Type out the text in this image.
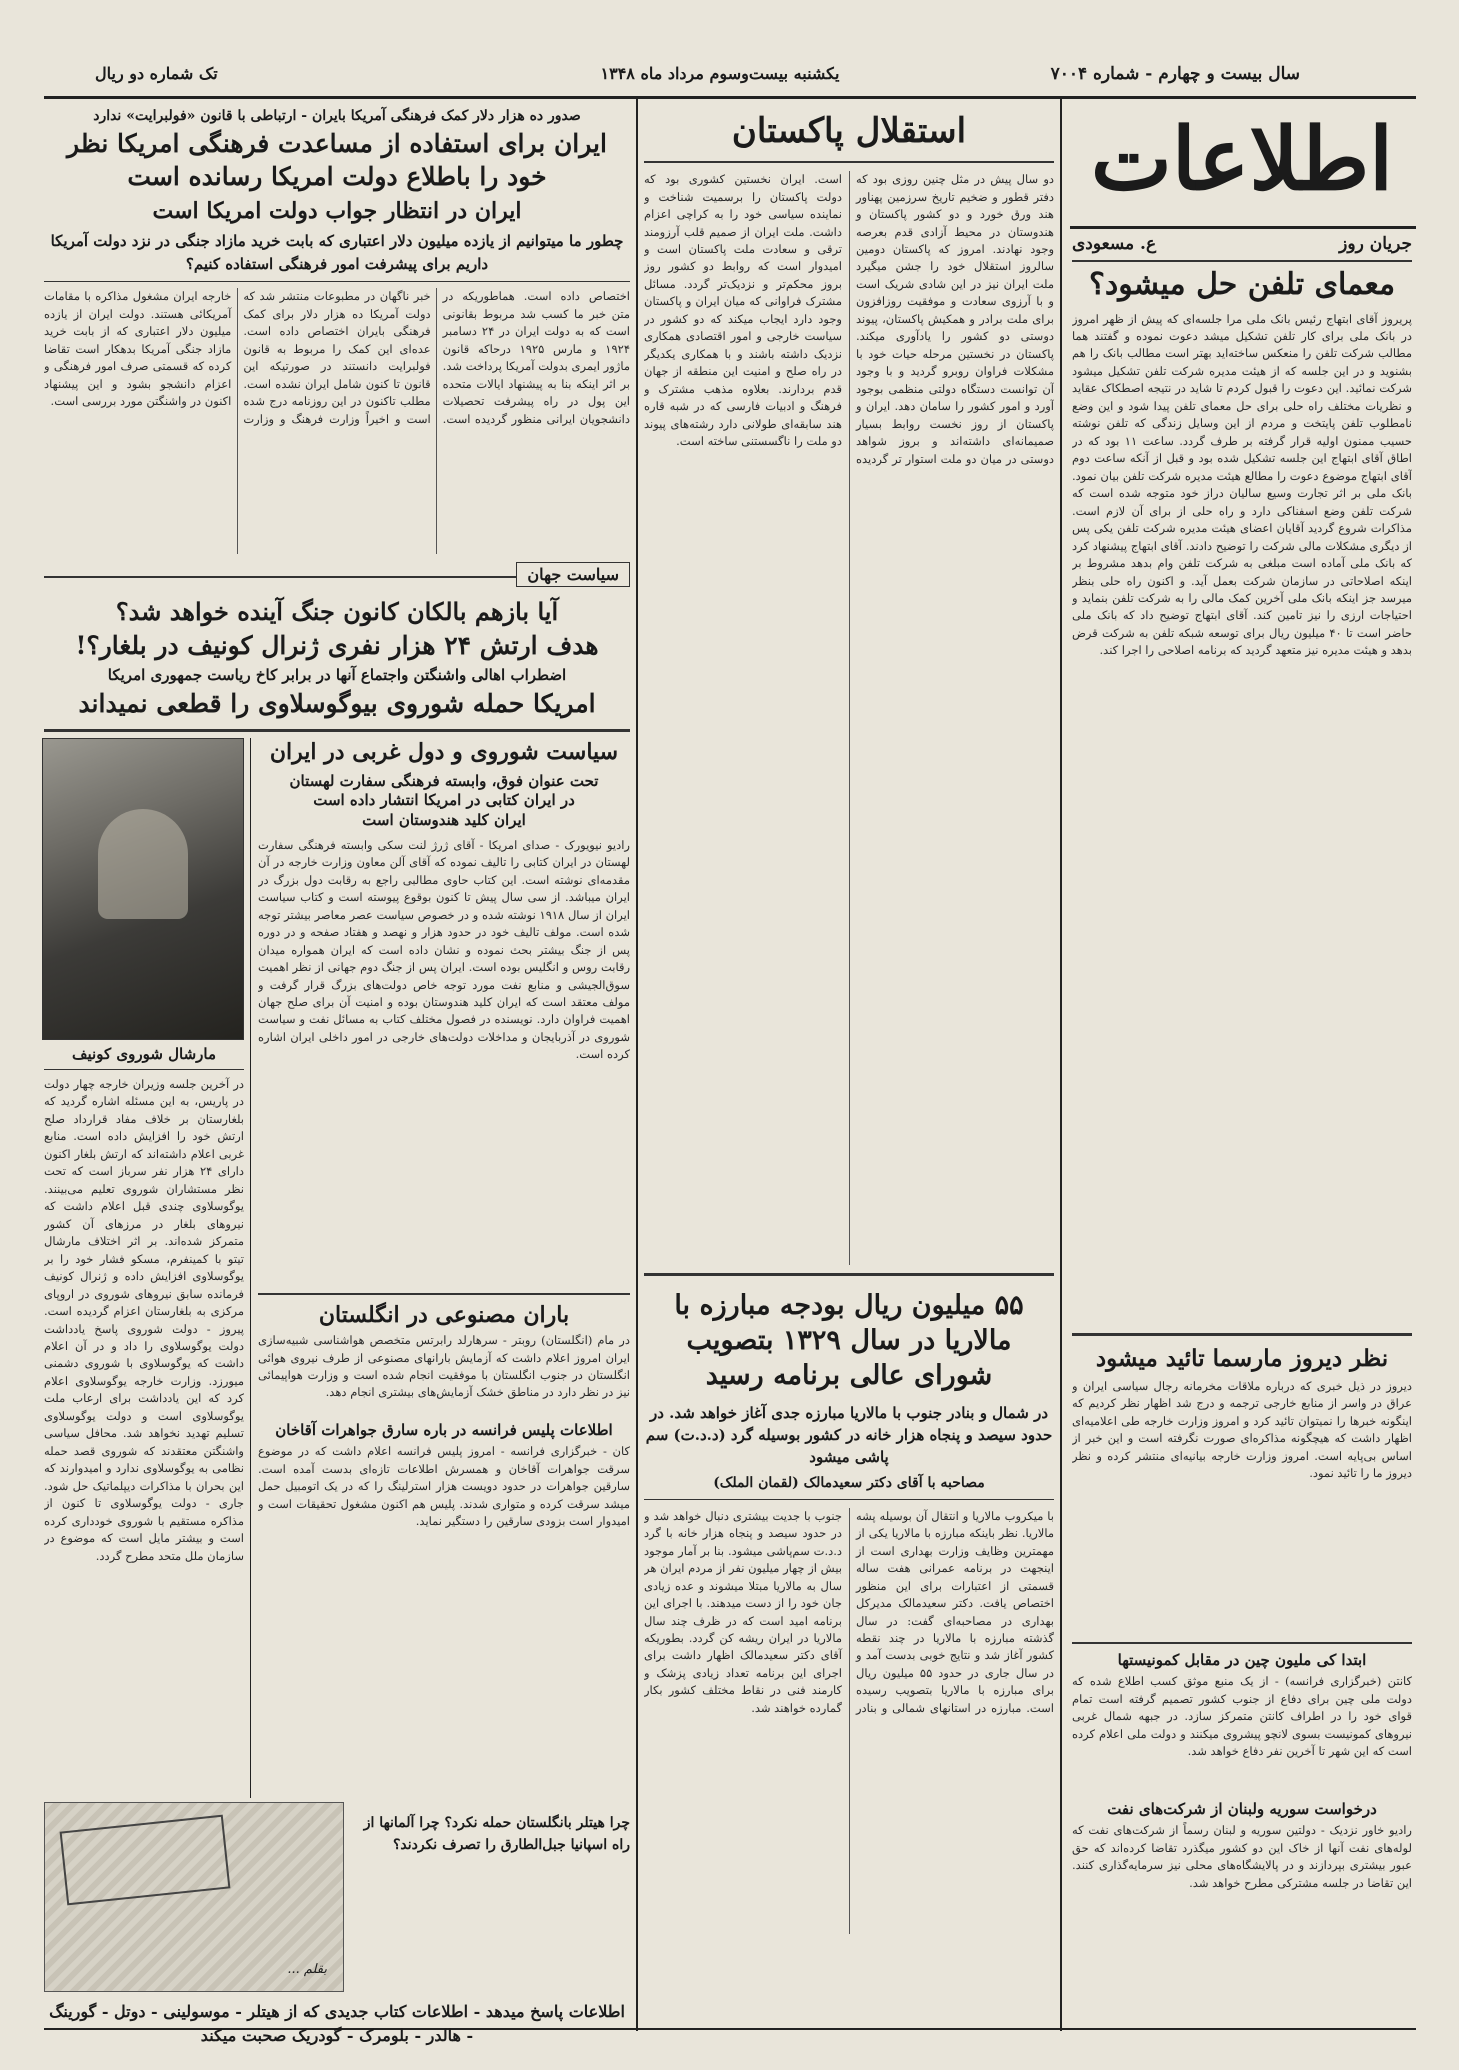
سال بیست و چهارم - شماره ۷۰۰۴
یکشنبه بیست‌وسوم مرداد ماه ۱۳۴۸
تک شماره دو ریال
اطلاعات
جریان روز
ع. مسعودی
معمای تلفن حل میشود؟
پریروز آقای ابتهاج رئیس بانک ملی مرا جلسه‌ای که پیش از ظهر امروز در بانک ملی برای کار تلفن تشکیل میشد دعوت نموده و گفتند هما مطالب شرکت تلفن را منعکس ساخته‌اید بهتر است مطالب بانک را هم بشنوید و در این جلسه که از هیئت مدیره شرکت تلفن تشکیل میشود شرکت نمائید. این دعوت را قبول کردم تا شاید در نتیجه اصطکاک عقاید و نظریات مختلف راه حلی برای حل معمای تلفن پیدا شود و این وضع نامطلوب تلفن پایتخت و مردم از این وسایل زندگی که تلفن نوشته حسیب ممنون اولیه قرار گرفته بر طرف گردد. ساعت ۱۱ بود که در اطاق آقای ابتهاج این جلسه تشکیل شده بود و قبل از آنکه ساعت دوم آقای ابتهاج موضوع دعوت را مطالع هیئت مدیره شرکت تلفن بیان نمود. بانک ملی بر اثر تجارت وسیع سالیان دراز خود متوجه شده است که شرکت تلفن وضع اسفناکی دارد و راه حلی از برای آن لازم است. مذاکرات شروع گردید آقایان اعضای هیئت مدیره شرکت تلفن یکی پس از دیگری مشکلات مالی شرکت را توضیح دادند. آقای ابتهاج پیشنهاد کرد که بانک ملی آماده است مبلغی به شرکت تلفن وام بدهد مشروط بر اینکه اصلاحاتی در سازمان شرکت بعمل آید. و اکنون راه حلی بنظر میرسد جز اینکه بانک ملی آخرین کمک مالی را به شرکت تلفن بنماید و احتیاجات ارزی را نیز تامین کند. آقای ابتهاج توضیح داد که بانک ملی حاضر است تا ۴۰ میلیون ریال برای توسعه شبکه تلفن به شرکت قرض بدهد و هیئت مدیره نیز متعهد گردید که برنامه اصلاحی را اجرا کند.
نظر دیروز مارسما تائید میشود
دیروز در ذیل خبری که درباره ملاقات مخرمانه رجال سیاسی ایران و عراق در واسر از منابع خارجی ترجمه و درج شد اظهار نظر کردیم که اینگونه خبرها را نمیتوان تائید کرد و امروز وزارت خارجه طی اعلامیه‌ای اظهار داشت که هیچگونه مذاکره‌ای صورت نگرفته است و این خبر از اساس بی‌پایه است. امروز وزارت خارجه بیانیه‌ای منتشر کرده و نظر دیروز ما را تائید نمود.
ابتدا کی ملیون چین در مقابل کمونیستها
کانتن (خبرگزاری فرانسه) - از یک منبع موثق کسب اطلاع شده که دولت ملی چین برای دفاع از جنوب کشور تصمیم گرفته است تمام قوای خود را در اطراف کانتن متمرکز سازد. در جبهه شمال غربی نیروهای کمونیست بسوی لانچو پیشروی میکنند و دولت ملی اعلام کرده است که این شهر تا آخرین نفر دفاع خواهد شد.
درخواست سوریه ولبنان از شرکت‌های نفت
رادیو خاور نزدیک - دولتین سوریه و لبنان رسماً از شرکت‌های نفت که لوله‌های نفت آنها از خاک این دو کشور میگذرد تقاضا کرده‌اند که حق عبور بیشتری بپردازند و در پالایشگاه‌های محلی نیز سرمایه‌گذاری کنند. این تقاضا در جلسه مشترکی مطرح خواهد شد.
استقلال پاکستان
دو سال پیش در مثل چنین روزی بود که دفتر قطور و ضخیم تاریخ سرزمین پهناور هند ورق خورد و دو کشور پاکستان و هندوستان در محیط آزادی قدم بعرصه وجود نهادند. امروز که پاکستان دومین سالروز استقلال خود را جشن میگیرد ملت ایران نیز در این شادی شریک است و با آرزوی سعادت و موفقیت روزافزون برای ملت برادر و همکیش پاکستان، پیوند دوستی دو کشور را یادآوری میکند. پاکستان در نخستین مرحله حیات خود با مشکلات فراوان روبرو گردید و با وجود آن توانست دستگاه دولتی منظمی بوجود آورد و امور کشور را سامان دهد. ایران و پاکستان از روز نخست روابط بسیار صمیمانه‌ای داشته‌اند و بروز شواهد دوستی در میان دو ملت استوار تر گردیده است. ایران نخستین کشوری بود که دولت پاکستان را برسمیت شناخت و نماینده سیاسی خود را به کراچی اعزام داشت. ملت ایران از صمیم قلب آرزومند ترقی و سعادت ملت پاکستان است و امیدوار است که روابط دو کشور روز بروز محکم‌تر و نزدیک‌تر گردد. مسائل مشترک فراوانی که میان ایران و پاکستان وجود دارد ایجاب میکند که دو کشور در سیاست خارجی و امور اقتصادی همکاری نزدیک داشته باشند و با همکاری یکدیگر در راه صلح و امنیت این منطقه از جهان قدم بردارند. بعلاوه مذهب مشترک و فرهنگ و ادبیات فارسی که در شبه قاره هند سابقه‌ای طولانی دارد رشته‌های پیوند دو ملت را ناگسستنی ساخته است.
۵۵ میلیون ریال بودجه مبارزه با مالاریا در سال ۱۳۲۹ بتصویب شورای عالی برنامه رسید
در شمال و بنادر جنوب با مالاریا مبارزه جدی آغاز خواهد شد. در حدود سیصد و پنجاه هزار خانه در کشور بوسیله گرد (د.د.ت) سم پاشی میشود
مصاحبه با آقای دکتر سعیدمالک (لقمان الملک)
با میکروب مالاریا و انتقال آن بوسیله پشه مالاریا. نظر باینکه مبارزه با مالاریا یکی از مهمترین وظایف وزارت بهداری است از اینجهت در برنامه عمرانی هفت ساله قسمتی از اعتبارات برای این منظور اختصاص یافت. دکتر سعیدمالک مدیرکل بهداری در مصاحبه‌ای گفت: در سال گذشته مبارزه با مالاریا در چند نقطه کشور آغاز شد و نتایج خوبی بدست آمد و در سال جاری در حدود ۵۵ میلیون ریال برای مبارزه با مالاریا بتصویب رسیده است. مبارزه در استانهای شمالی و بنادر جنوب با جدیت بیشتری دنبال خواهد شد و در حدود سیصد و پنجاه هزار خانه با گرد د.د.ت سم‌پاشی میشود. بنا بر آمار موجود بیش از چهار میلیون نفر از مردم ایران هر سال به مالاریا مبتلا میشوند و عده زیادی جان خود را از دست میدهند. با اجرای این برنامه امید است که در ظرف چند سال مالاریا در ایران ریشه کن گردد. بطوریکه آقای دکتر سعیدمالک اظهار داشت برای اجرای این برنامه تعداد زیادی پزشک و کارمند فنی در نقاط مختلف کشور بکار گمارده خواهند شد.
صدور ده هزار دلار کمک فرهنگی آمریکا بایران - ارتباطی با قانون «فولبرایت» ندارد
ایران برای استفاده از مساعدت فرهنگی امریکا نظر خود را باطلاع دولت امریکا رسانده است
ایران در انتظار جواب دولت امریکا است
چطور ما میتوانیم از یازده میلیون دلار اعتباری که بابت خرید مازاد جنگی در نزد دولت آمریکا داریم برای پیشرفت امور فرهنگی استفاده کنیم؟
اختصاص داده است. هماطوریکه در متن خبر ما کسب شد مربوط بقانونی است که به دولت ایران در ۲۴ دسامبر ۱۹۲۴ و مارس ۱۹۲۵ درحاکه قانون ماژور ایمری بدولت آمریکا پرداخت شد. بر اثر اینکه بنا به پیشنهاد ایالات متحده این پول در راه پیشرفت تحصیلات دانشجویان ایرانی منظور گردیده است. خبر ناگهان در مطبوعات منتشر شد که دولت آمریکا ده هزار دلار برای کمک فرهنگی بایران اختصاص داده است. عده‌ای این کمک را مربوط به قانون فولبرایت دانستند در صورتیکه این قانون تا کنون شامل ایران نشده است. مطلب تاکنون در این روزنامه درج شده است و اخیراً وزارت فرهنگ و وزارت خارجه ایران مشغول مذاکره با مقامات آمریکائی هستند. دولت ایران از یازده میلیون دلار اعتباری که از بابت خرید مازاد جنگی آمریکا بدهکار است تقاضا کرده که قسمتی صرف امور فرهنگی و اعزام دانشجو بشود و این پیشنهاد اکنون در واشنگتن مورد بررسی است.
سیاست جهان
آیا بازهم بالکان کانون جنگ آینده خواهد شد؟
هدف ارتش ۲۴ هزار نفری ژنرال کونیف در بلغار؟!
اضطراب اهالی واشنگتن واجتماع آنها در برابر کاخ ریاست جمهوری امریکا
امریکا حمله شوروی بیوگوسلاوی را قطعی نمیداند
سیاست شوروی و دول غربی در ایران
تحت عنوان فوق، وابسته فرهنگی سفارت لهستان
در ایران کتابی در امریکا انتشار داده است
ایران کلید هندوستان است
رادیو نیویورک - صدای امریکا - آقای ژرژ لنت سکی وابسته فرهنگی سفارت لهستان در ایران کتابی را تالیف نموده که آقای آلن معاون وزارت خارجه در آن مقدمه‌ای نوشته است. این کتاب حاوی مطالبی راجع به رقابت دول بزرگ در ایران میباشد. از سی سال پیش تا کنون بوقوع پیوسته است و کتاب سیاست ایران از سال ۱۹۱۸ نوشته شده و در خصوص سیاست عصر معاصر بیشتر توجه شده است. مولف تالیف خود در حدود هزار و نهصد و هفتاد صفحه و در دوره پس از جنگ بیشتر بحث نموده و نشان داده است که ایران همواره میدان رقابت روس و انگلیس بوده است. ایران پس از جنگ دوم جهانی از نظر اهمیت سوق‌الجیشی و منابع نفت مورد توجه خاص دولت‌های بزرگ قرار گرفت و مولف معتقد است که ایران کلید هندوستان بوده و امنیت آن برای صلح جهان اهمیت فراوان دارد. نویسنده در فصول مختلف کتاب به مسائل نفت و سیاست شوروی در آذربایجان و مداخلات دولت‌های خارجی در امور داخلی ایران اشاره کرده است.
باران مصنوعی در انگلستان
در مام (انگلستان) روبتر - سرهارلد رابرتس متخصص هواشناسی شبیه‌سازی ایران امروز اعلام داشت که آزمایش بارانهای مصنوعی از طرف نیروی هوائی انگلستان در جنوب انگلستان با موفقیت انجام شده است و وزارت هواپیمائی نیز در نظر دارد در مناطق خشک آزمایش‌های بیشتری انجام دهد.
اطلاعات پلیس فرانسه در باره سارق جواهرات آقاخان
کان - خبرگزاری فرانسه - امروز پلیس فرانسه اعلام داشت که در موضوع سرقت جواهرات آقاخان و همسرش اطلاعات تازه‌ای بدست آمده است. سارقین جواهرات در حدود دویست هزار استرلینگ را که در یک اتومبیل حمل میشد سرقت کرده و متواری شدند. پلیس هم اکنون مشغول تحقیقات است و امیدوار است بزودی سارقین را دستگیر نماید.
مارشال شوروی کونیف
در آخرین جلسه وزیران خارجه چهار دولت در پاریس، به این مسئله اشاره گردید که بلغارستان بر خلاف مفاد قرارداد صلح ارتش خود را افزایش داده است. منابع غربی اعلام داشته‌اند که ارتش بلغار اکنون دارای ۲۴ هزار نفر سرباز است که تحت نظر مستشاران شوروی تعلیم می‌بینند. یوگوسلاوی چندی قبل اعلام داشت که نیروهای بلغار در مرزهای آن کشور متمرکز شده‌اند. بر اثر اختلاف مارشال تیتو با کمینفرم، مسکو فشار خود را بر یوگوسلاوی افزایش داده و ژنرال کونیف فرمانده سابق نیروهای شوروی در اروپای مرکزی به بلغارستان اعزام گردیده است. پیروز - دولت شوروی پاسخ یادداشت دولت یوگوسلاوی را داد و در آن اعلام داشت که یوگوسلاوی با شوروی دشمنی میورزد. وزارت خارجه یوگوسلاوی اعلام کرد که این یادداشت برای ارعاب ملت یوگوسلاوی است و دولت یوگوسلاوی تسلیم تهدید نخواهد شد. محافل سیاسی واشنگتن معتقدند که شوروی قصد حمله نظامی به یوگوسلاوی ندارد و امیدوارند که این بحران با مذاکرات دیپلماتیک حل شود. جاری - دولت یوگوسلاوی تا کنون از مذاکره مستقیم با شوروی خودداری کرده است و بیشتر مایل است که موضوع در سازمان ملل متحد مطرح گردد.
بقلم ...
چرا هیتلر بانگلستان حمله نکرد؟ چرا آلمانها از راه اسپانیا جبل‌الطارق را تصرف نکردند؟
اطلاعات پاسخ میدهد - اطلاعات کتاب جدیدی که از هیتلر - موسولینی - دوتل - گورینگ - هالدر - بلومرک - گودریک صحبت میکند
